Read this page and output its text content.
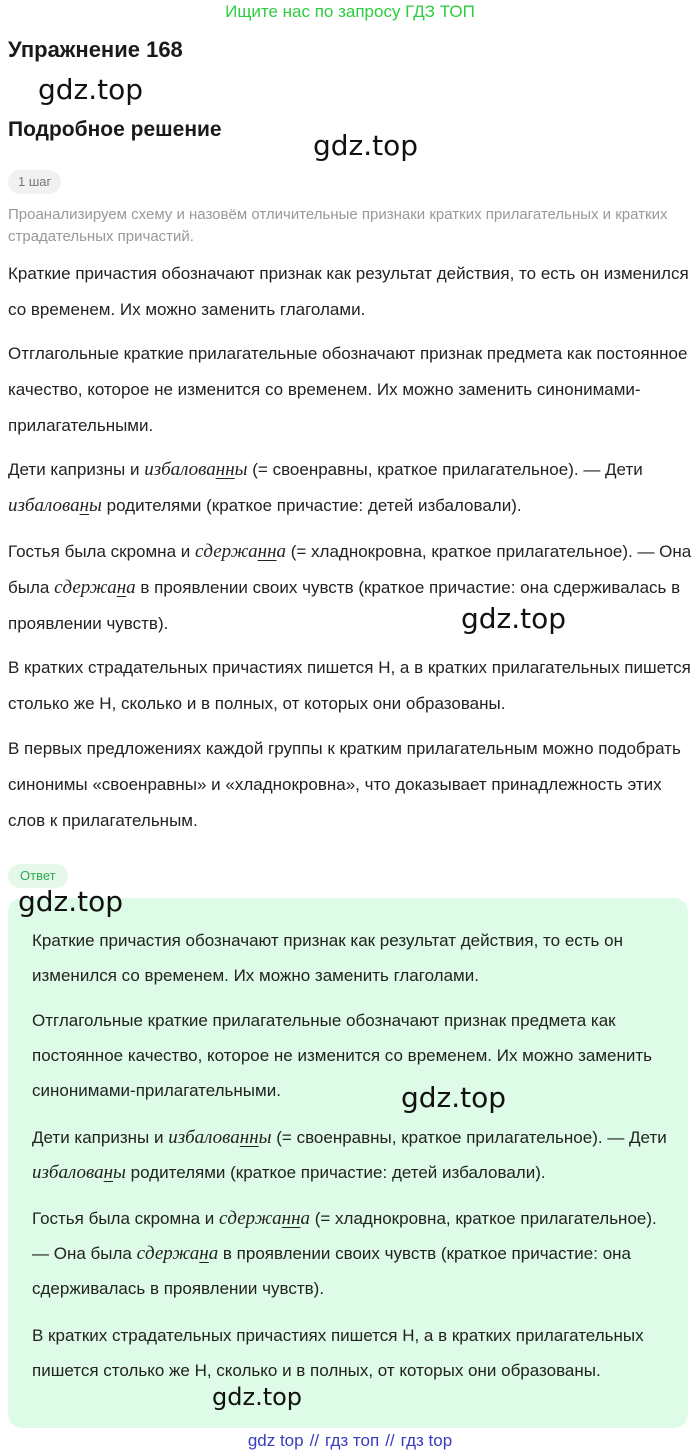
Ищите нас по запросу ГДЗ ТОП
Упражнение 168
gdz.top
Подробное решение	gdz.top
1 шаг

Проанализируем схему и назовём отличительные признаки кратких прилагательных и кратких страдательных причастий.

Краткие причастия обозначают признак как результат действия, то есть он изменился со временем. Их можно заменить глаголами.

Отглагольные краткие прилагательные обозначают признак предмета как постоянное качество, которое не изменится со временем. Их можно заменить синонимами-прилагательными.

Дети капризны и избалованны (= своенравны, краткое прилагательное). — Дети избалованы родителями (краткое причастие: детей избаловали).

Гостья была скромна и сдержанна (= хладнокровна, краткое прилагательное). — Она была сдержана в проявлении своих чувств (краткое причастие: она сдерживалась в проявлении чувств).	gdz.top

В кратких страдательных причастиях пишется Н, а в кратких прилагательных пишется столько же Н, сколько и в полных, от которых они образованы.

В первых предложениях каждой группы к кратким прилагательным можно подобрать синонимы «своенравны» и «хладнокровна», что доказывает принадлежность этих слов к прилагательным.

Ответ
gdz.top

Краткие причастия обозначают признак как результат действия, то есть он изменился со временем. Их можно заменить глаголами.

Отглагольные краткие прилагательные обозначают признак предмета как постоянное качество, которое не изменится со временем. Их можно заменить синонимами-прилагательными.	gdz.top

Дети капризны и избалованны (= своенравны, краткое прилагательное). — Дети избалованы родителями (краткое причастие: детей избаловали).

Гостья была скромна и сдержанна (= хладнокровна, краткое прилагательное). — Она была сдержана в проявлении своих чувств (краткое причастие: она сдерживалась в проявлении чувств).

В кратких страдательных причастиях пишется Н, а в кратких прилагательных пишется столько же Н, сколько и в полных, от которых они образованы.

gdz.top
gdz top // гдз топ // гдз top
